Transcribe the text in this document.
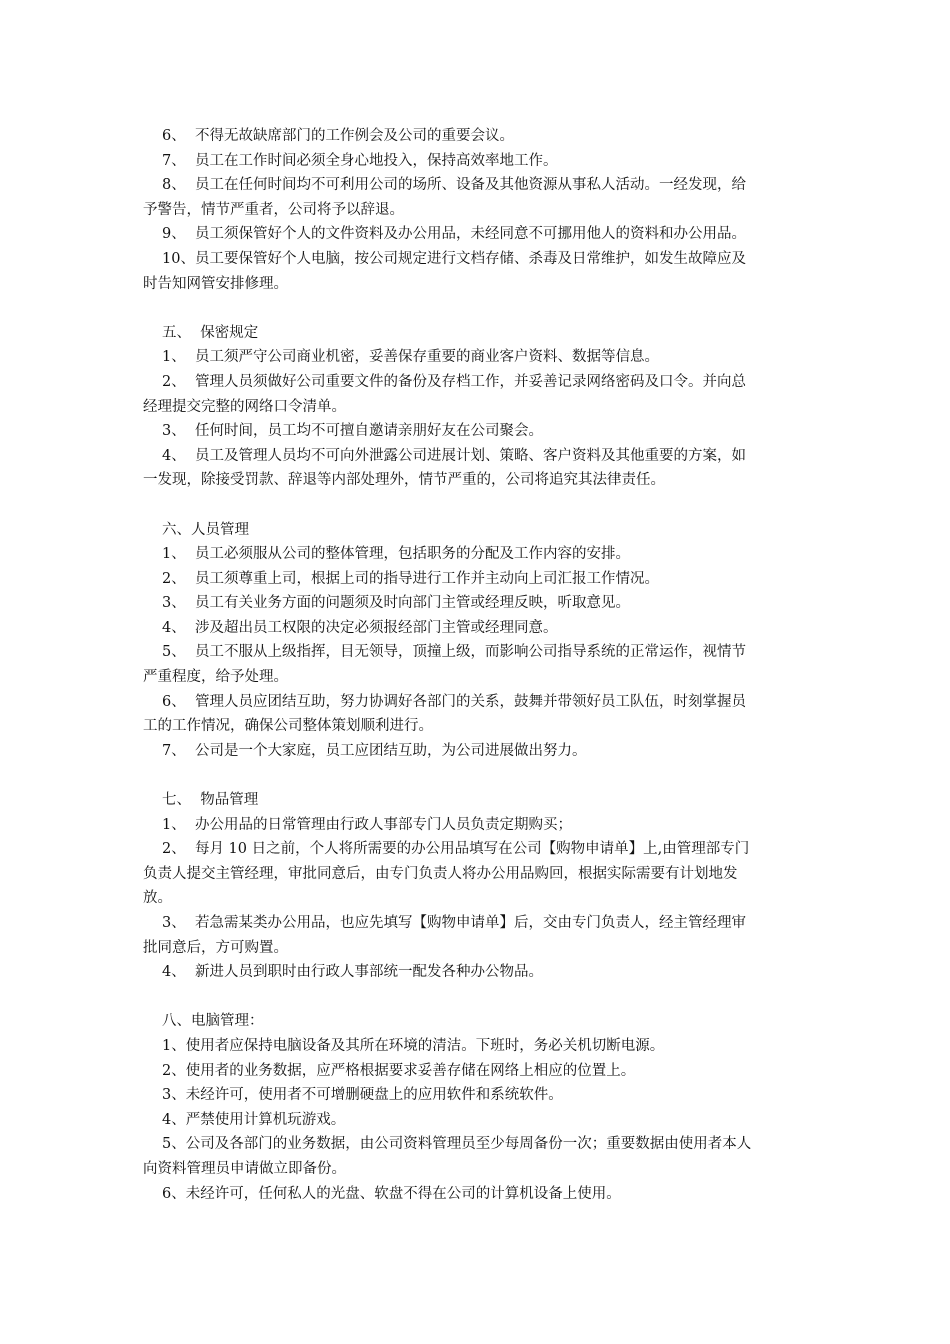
6、  不得无故缺席部门的工作例会及公司的重要会议。
7、  员工在工作时间必须全身心地投入，保持高效率地工作。
8、  员工在任何时间均不可利用公司的场所、设备及其他资源从事私人活动。一经发现，给
予警告，情节严重者，公司将予以辞退。
9、  员工须保管好个人的文件资料及办公用品，未经同意不可挪用他人的资料和办公用品。
10、员工要保管好个人电脑，按公司规定进行文档存储、杀毒及日常维护，如发生故障应及
时告知网管安排修理。
五、  保密规定
1、  员工须严守公司商业机密，妥善保存重要的商业客户资料、数据等信息。
2、  管理人员须做好公司重要文件的备份及存档工作，并妥善记录网络密码及口令。并向总
经理提交完整的网络口令清单。
3、  任何时间，员工均不可擅自邀请亲朋好友在公司聚会。
4、  员工及管理人员均不可向外泄露公司进展计划、策略、客户资料及其他重要的方案，如
一发现，除接受罚款、辞退等内部处理外，情节严重的，公司将追究其法律责任。
六、人员管理
1、  员工必须服从公司的整体管理，包括职务的分配及工作内容的安排。
2、  员工须尊重上司，根据上司的指导进行工作并主动向上司汇报工作情况。
3、  员工有关业务方面的问题须及时向部门主管或经理反映，听取意见。
4、  涉及超出员工权限的决定必须报经部门主管或经理同意。
5、  员工不服从上级指挥，目无领导，顶撞上级，而影响公司指导系统的正常运作，视情节
严重程度，给予处理。
6、  管理人员应团结互助，努力协调好各部门的关系，鼓舞并带领好员工队伍，时刻掌握员
工的工作情况，确保公司整体策划顺利进行。
7、  公司是一个大家庭，员工应团结互助，为公司进展做出努力。
七、  物品管理
1、  办公用品的日常管理由行政人事部专门人员负责定期购买；
2、  每月 10 日之前，个人将所需要的办公用品填写在公司【购物申请单】上,由管理部专门
负责人提交主管经理，审批同意后，由专门负责人将办公用品购回，根据实际需要有计划地发
放。
3、  若急需某类办公用品，也应先填写【购物申请单】后，交由专门负责人，经主管经理审
批同意后，方可购置。
4、  新进人员到职时由行政人事部统一配发各种办公物品。
八、电脑管理：
1、使用者应保持电脑设备及其所在环境的清洁。下班时，务必关机切断电源。
2、使用者的业务数据，应严格根据要求妥善存储在网络上相应的位置上。
3、未经许可，使用者不可增删硬盘上的应用软件和系统软件。
4、严禁使用计算机玩游戏。
5、公司及各部门的业务数据，由公司资料管理员至少每周备份一次；重要数据由使用者本人
向资料管理员申请做立即备份。
6、未经许可，任何私人的光盘、软盘不得在公司的计算机设备上使用。
